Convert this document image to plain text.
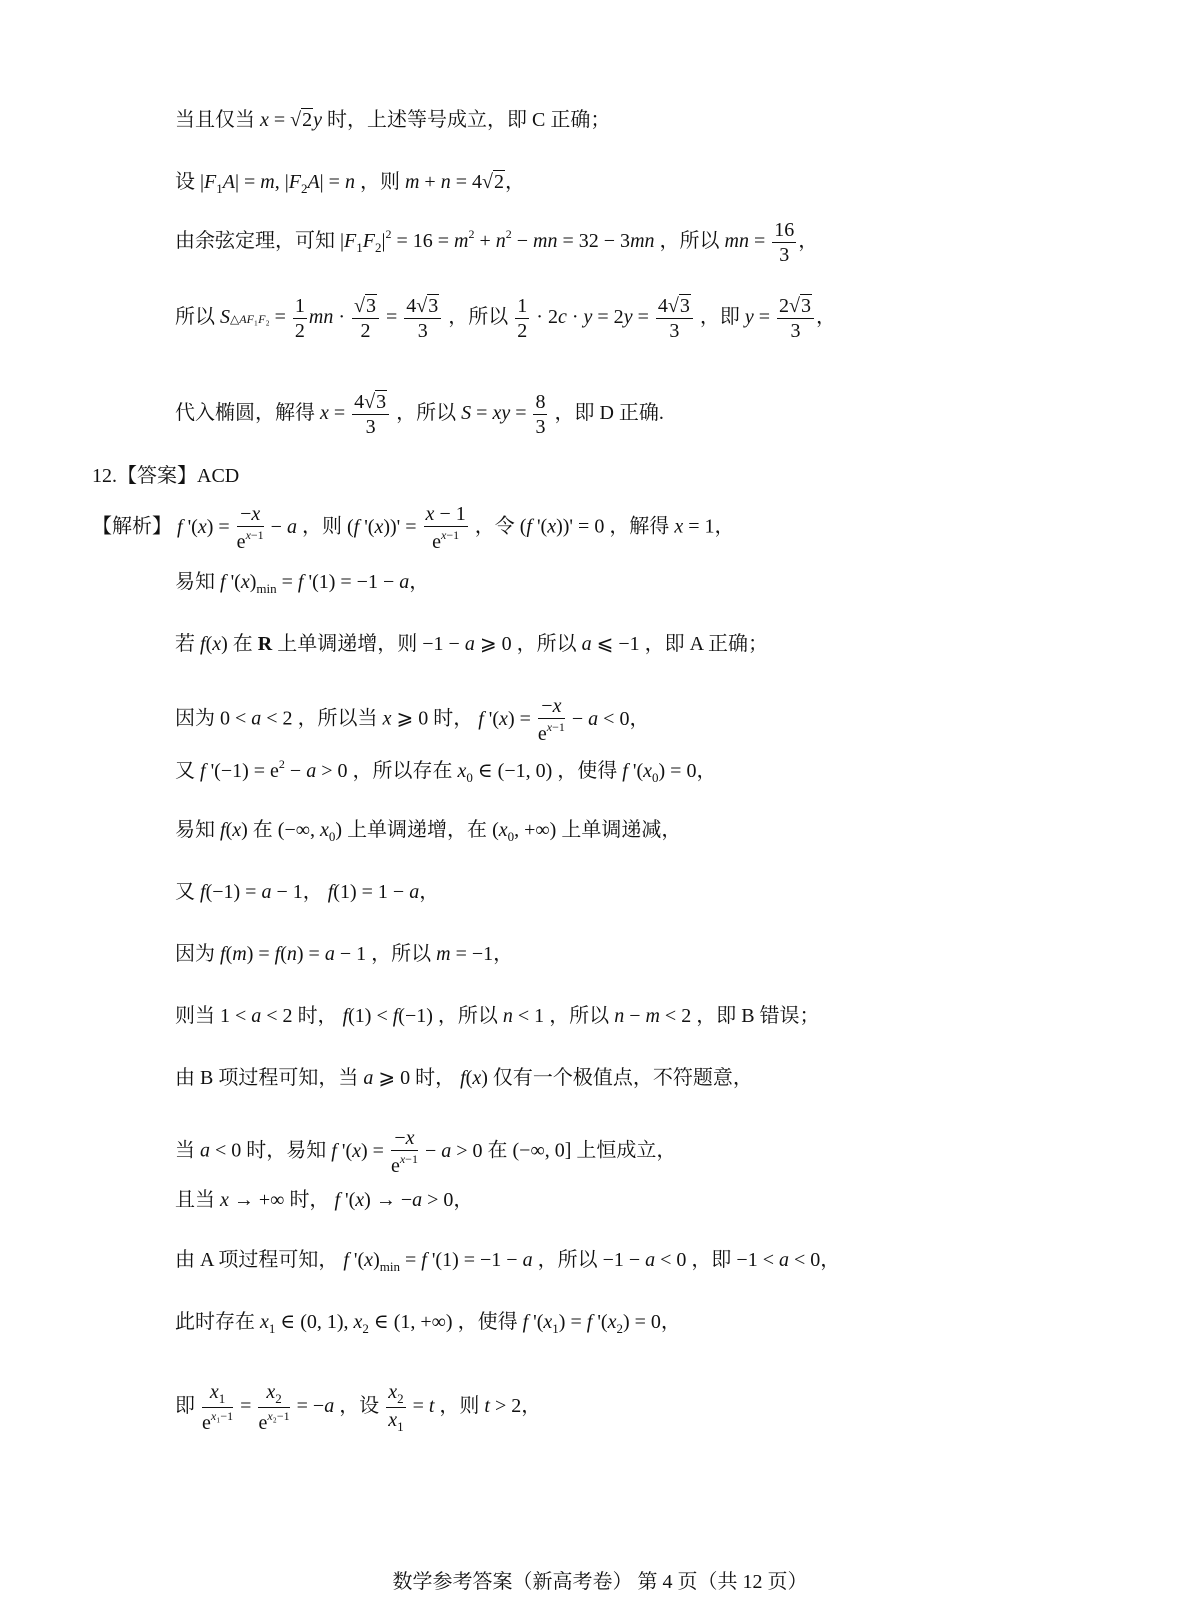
当且仅当 x = √2y 时，上述等号成立，即 C 正确；
设 $|F_1A| = m$, $|F_2A| = n$ ，则 m + n = 4√2，
由余弦定理，可知 $|F_1F_2|^2 = 16 = m^2 + n^2$ − mn = 32 − 3mn ，所以 mn = $\frac{16}{3}$ ，
所以 S△AF₁F₂ = $\frac{1}{2}$ mn · $\frac{√3}{2} = \frac{4√3}{3}$ ，所以 $\frac{1}{2} \cdot 2c \cdot y = 2y = \frac{4√3}{3}$ ，即 $y = \frac{2√3}{3}$ ，
代入椭圆，解得 $x = \frac{4√3}{3}$ ，所以 S = xy = $\frac{8}{3}$ ，即 D 正确.
12.【答案】ACD
【解析】 f '$(x) = \frac{-x}{e^{x-1}} - a$ ，则 (f '$(x))' = \frac{x - 1}{e^{x-1}}$ ，令 (f '(x))' = 0 ，解得 x = 1，
易知 f '$(x)_{min} = f$ '(1) = −1 − a，
若 f(x) 在 R 上单调递增，则 −1 − a ⩾ 0 ，所以 a ⩽ −1 ，即 A 正确；
因为 0 < a < 2 ，所以当 x ⩾ 0 时， f '$(x) = \frac{-x}{e^{x-1}} - a < 0$，
又 f '$(-1) = e^2 - a > 0$ ，所以存在 $x_0$ ∈ (−1, 0) ，使得 f '$(x_0) = 0$，
易知 f(x) 在 (−∞, $x_0$) 上单调递增，在 ($x_0$, +∞) 上单调递减，
又 f(−1) = a − 1， f(1) = 1 − a，
因为 f(m) = f(n) = a − 1 ，所以 m = −1，
则当 1 < a < 2 时， f(1) < f(−1) ，所以 n < 1 ，所以 n − m < 2 ，即 B 错误；
由 B 项过程可知，当 a ⩾ 0 时， f(x) 仅有一个极值点，不符题意，
当 a < 0 时，易知 f '$(x) = \frac{-x}{e^{x-1}} - a > 0$ 在 (−∞, 0] 上恒成立，
且当 x → +∞ 时， f '(x) → −a > 0，
由 A 项过程可知， f '$(x)_{min} = f$ '(1) = −1 − a ，所以 −1 − a < 0 ，即 −1 < a < 0，
此时存在 $x_1$ ∈ (0, 1), $x_2$ ∈ (1, +∞) ，使得 f '$(x_1) = f$ '$(x_2) = 0$，
即 $\frac{x_1}{e^{x_1-1}} = \frac{x_2}{e^{x_2-1}} = -a$ ，设 $\frac{x_2}{x_1} = t$ ，则 t > 2，
数学参考答案（新高考卷） 第 4 页（共 12 页）
